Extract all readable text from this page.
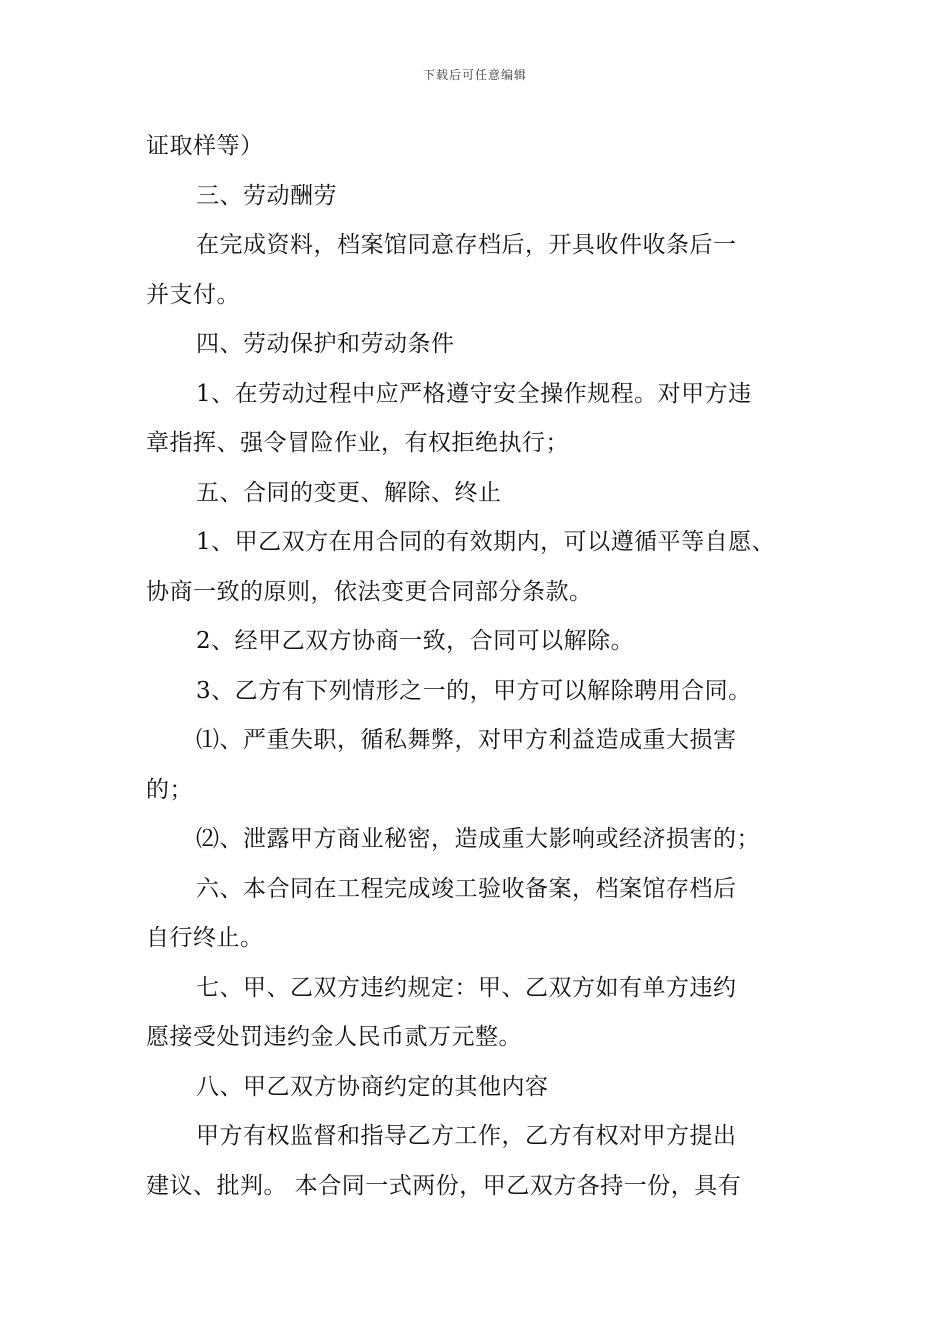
下载后可任意编辑
证取样等）
三、劳动酬劳
在完成资料，档案馆同意存档后，开具收件收条后一
并支付。
四、劳动保护和劳动条件
1、在劳动过程中应严格遵守安全操作规程。对甲方违
章指挥、强令冒险作业，有权拒绝执行；
五、合同的变更、解除、终止
1、甲乙双方在用合同的有效期内，可以遵循平等自愿、
协商一致的原则，依法变更合同部分条款。
2、经甲乙双方协商一致，合同可以解除。
3、乙方有下列情形之一的，甲方可以解除聘用合同。
⑴、严重失职，循私舞弊，对甲方利益造成重大损害
的；
⑵、泄露甲方商业秘密，造成重大影响或经济损害的；
六、本合同在工程完成竣工验收备案，档案馆存档后
自行终止。
七、甲、乙双方违约规定：甲、乙双方如有单方违约
愿接受处罚违约金人民币贰万元整。
八、甲乙双方协商约定的其他内容
甲方有权监督和指导乙方工作，乙方有权对甲方提出
建议、批判。 本合同一式两份，甲乙双方各持一份，具有
